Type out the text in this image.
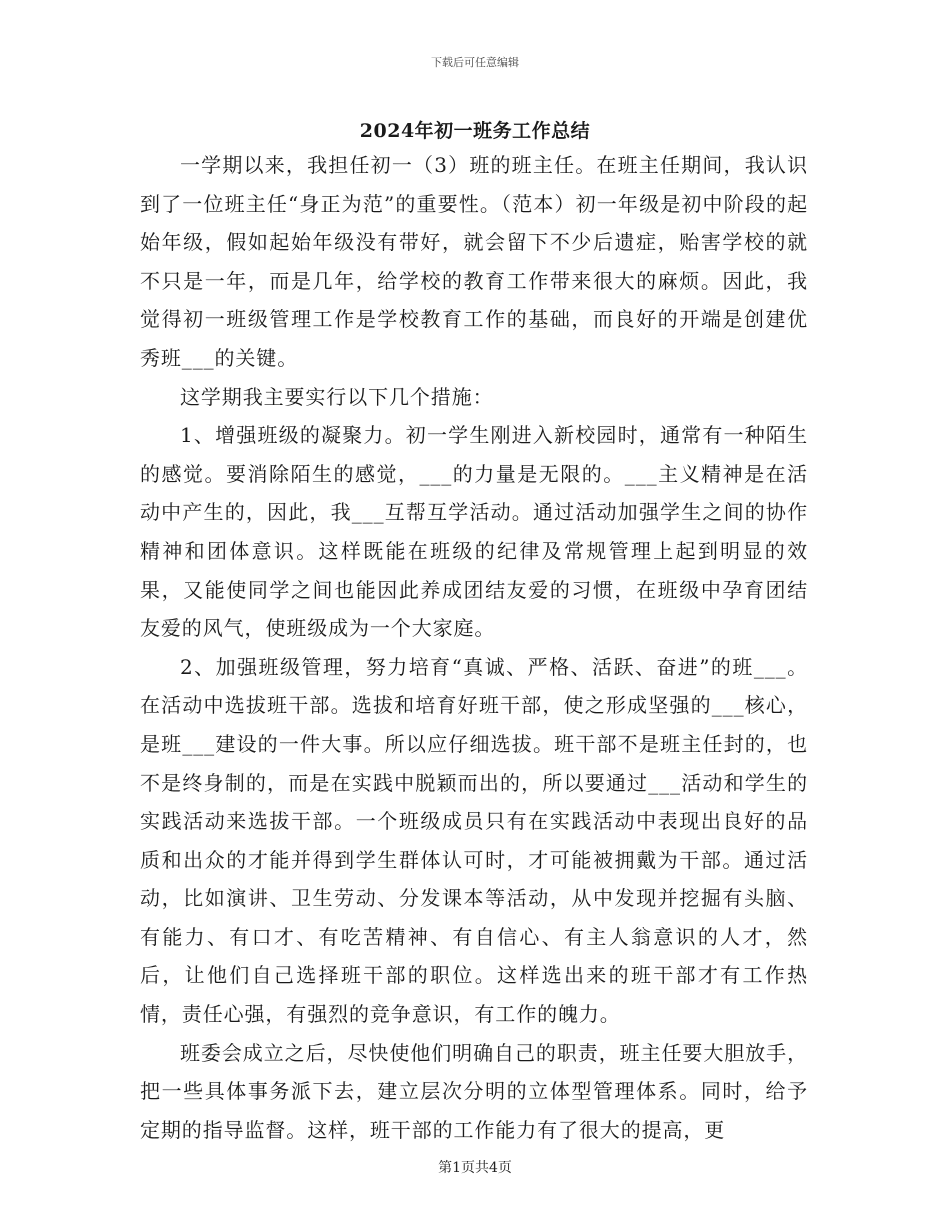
下载后可任意编辑
2024年初一班务工作总结

一学期以来，我担任初一（3）班的班主任。在班主任期间，我认识到了一位班主任“身正为范”的重要性。（范本）初一年级是初中阶段的起始年级，假如起始年级没有带好，就会留下不少后遗症，贻害学校的就不只是一年，而是几年，给学校的教育工作带来很大的麻烦。因此，我觉得初一班级管理工作是学校教育工作的基础，而良好的开端是创建优秀班___的关键。

这学期我主要实行以下几个措施：

1、增强班级的凝聚力。初一学生刚进入新校园时，通常有一种陌生的感觉。要消除陌生的感觉，___的力量是无限的。___主义精神是在活动中产生的，因此，我___互帮互学活动。通过活动加强学生之间的协作精神和团体意识。这样既能在班级的纪律及常规管理上起到明显的效果，又能使同学之间也能因此养成团结友爱的习惯，在班级中孕育团结友爱的风气，使班级成为一个大家庭。

2、加强班级管理，努力培育“真诚、严格、活跃、奋进”的班___。在活动中选拔班干部。选拔和培育好班干部，使之形成坚强的___核心，是班___建设的一件大事。所以应仔细选拔。班干部不是班主任封的，也不是终身制的，而是在实践中脱颖而出的，所以要通过___活动和学生的实践活动来选拔干部。一个班级成员只有在实践活动中表现出良好的品质和出众的才能并得到学生群体认可时，才可能被拥戴为干部。通过活动，比如演讲、卫生劳动、分发课本等活动，从中发现并挖掘有头脑、有能力、有口才、有吃苦精神、有自信心、有主人翁意识的人才，然后，让他们自己选择班干部的职位。这样选出来的班干部才有工作热情，责任心强，有强烈的竞争意识，有工作的魄力。

班委会成立之后，尽快使他们明确自己的职责，班主任要大胆放手，把一些具体事务派下去，建立层次分明的立体型管理体系。同时，给予定期的指导监督。这样，班干部的工作能力有了很大的提高，更

第1页共4页
